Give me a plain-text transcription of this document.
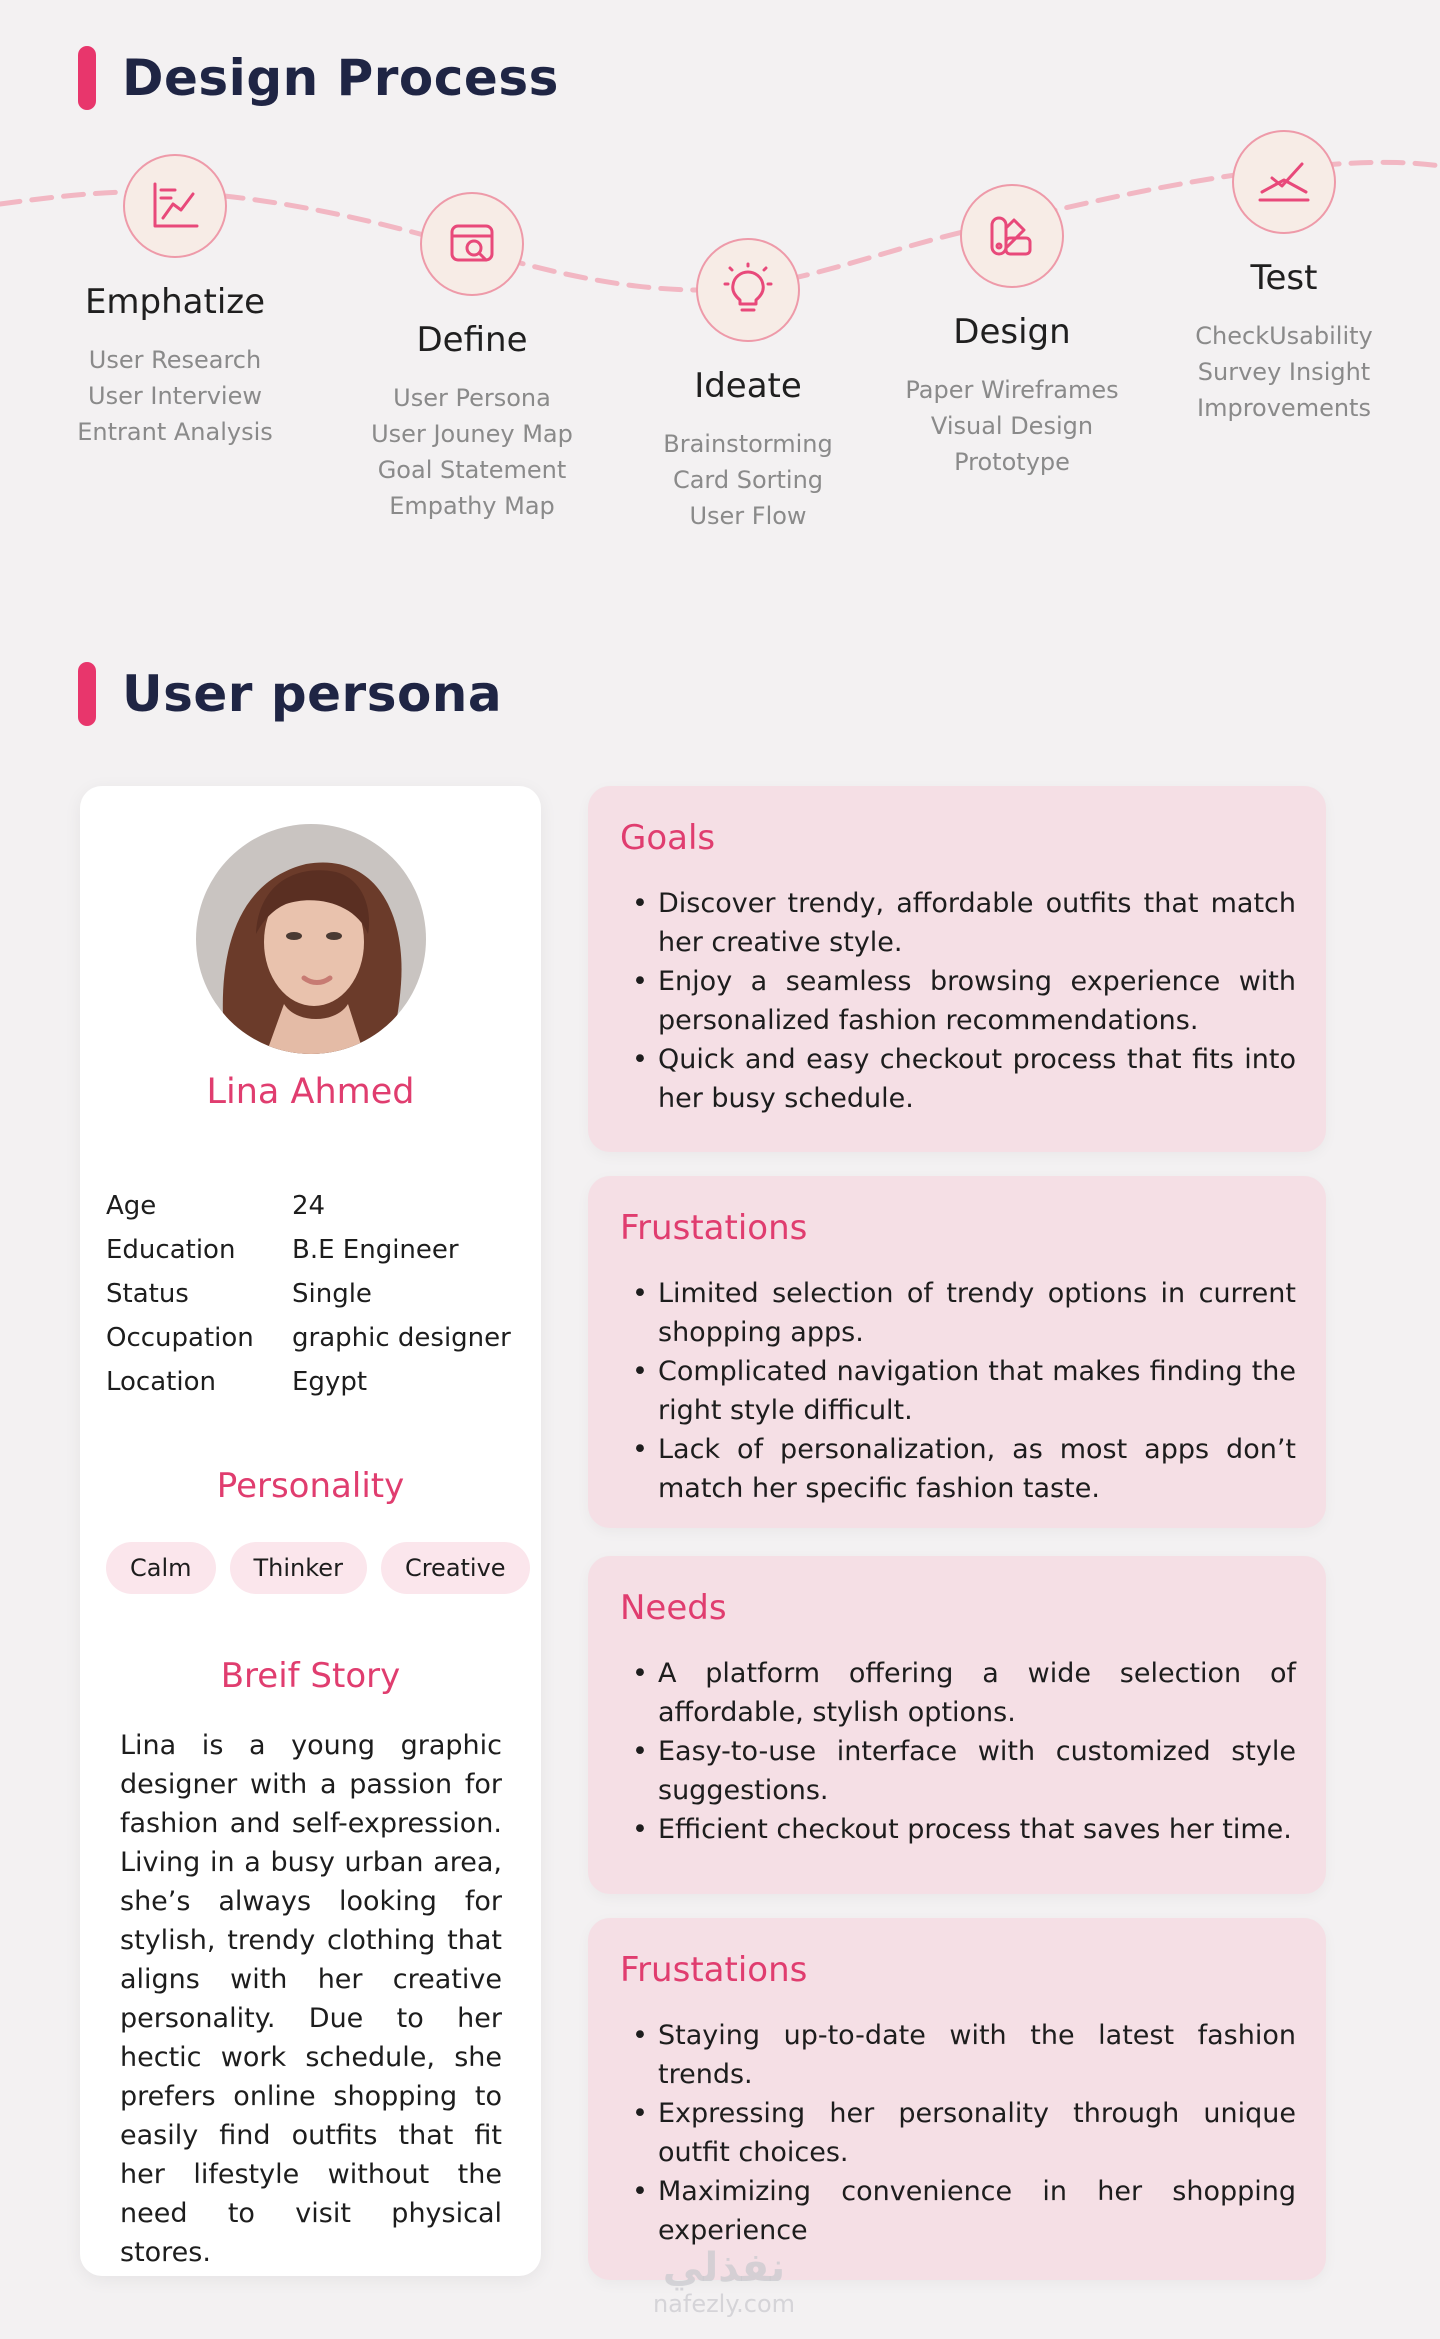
Design Process
Emphatize

User Research

User Interview

Entrant Analysis

Define

User Persona

User Jouney Map

Goal Statement

Empathy Map

Ideate

Brainstorming

Card Sorting

User Flow

Design

Paper Wireframes

Visual Design

Prototype

Test

CheckUsability

Survey Insight

Improvements

User persona
Lina Ahmed
Age	24
Education	B.E Engineer
Status	Single
Occupation	graphic designer
Location	Egypt
Personality
Calm	Thinker	Creative
Breif Story

Lina is a young graphic designer with a passion for fashion and self-expression. Living in a busy urban area, she’s always looking for stylish, trendy clothing that aligns with her creative personality. Due to her hectic work schedule, she prefers online shopping to easily find outfits that fit her lifestyle without the need to visit physical stores.

Goals
• Discover trendy, affordable outfits that match her creative style.
• Enjoy a seamless browsing experience with personalized fashion recommendations.
• Quick and easy checkout process that fits into her busy schedule.
Frustations
• Limited selection of trendy options in current shopping apps.
• Complicated navigation that makes finding the right style difficult.
• Lack of personalization, as most apps don’t match her specific fashion taste.
Needs
• A platform offering a wide selection of affordable, stylish options.
• Easy-to-use interface with customized style suggestions.
• Efficient checkout process that saves her time.
Frustations
• Staying up-to-date with the latest fashion trends.
• Expressing her personality through unique outfit choices.
• Maximizing convenience in her shopping experience
نفذلي
nafezly.com
